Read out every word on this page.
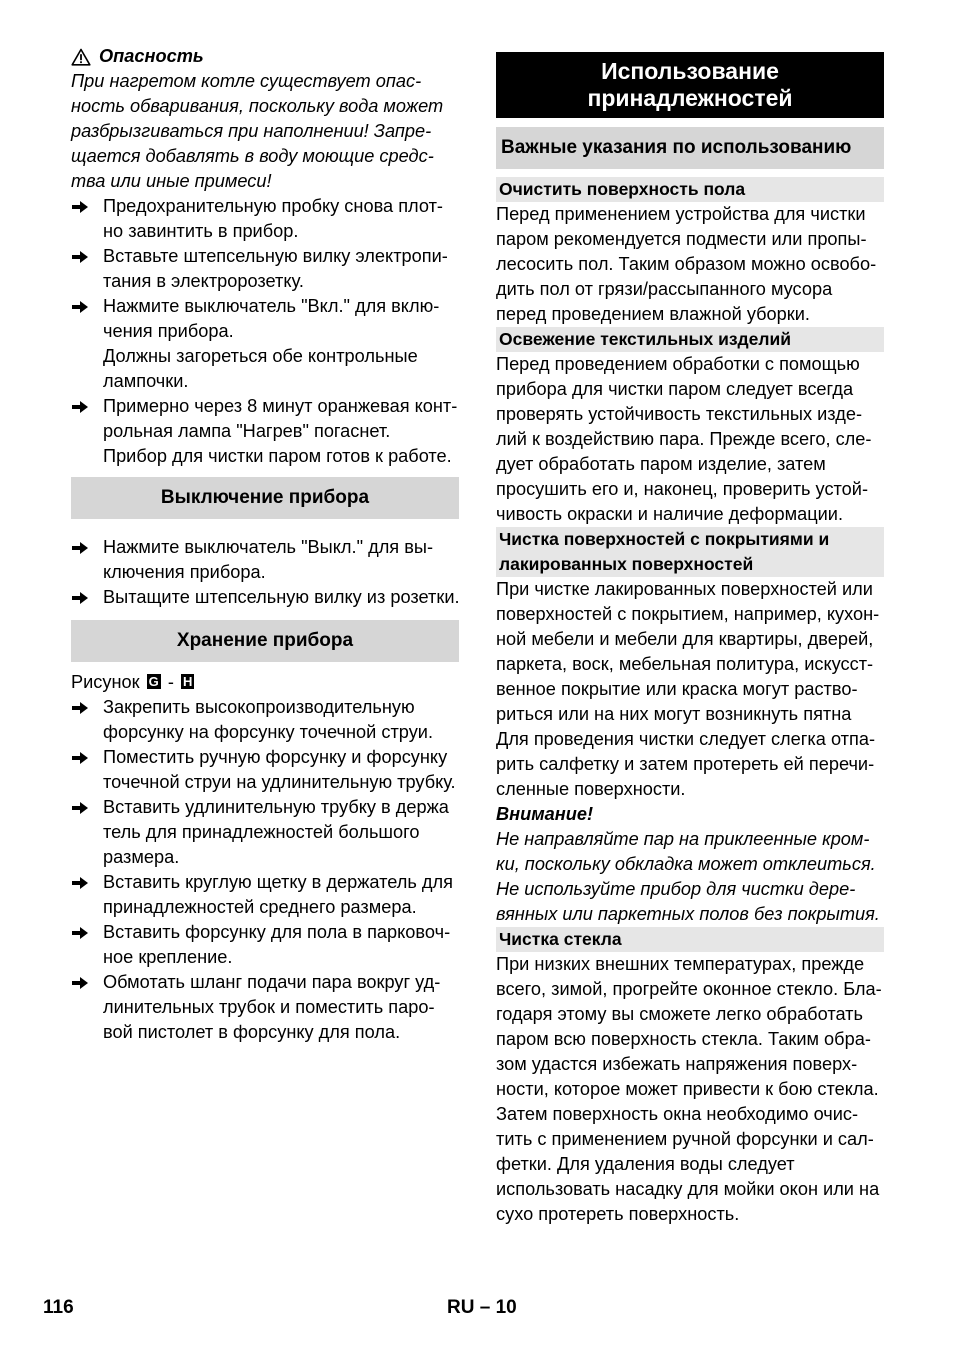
Опасность
При нагретом котле существует опас-
ность обваривания, поскольку вода может
разбрызгиваться при наполнении! Запре-
щается добавлять в воду моющие средс-
тва или иные примеси!
Предохранительную пробку снова плот-
но завинтить в прибор.
Вставьте штепсельную вилку электропи-
тания в электророзетку.
Нажмите выключатель "Вкл." для вклю-
чения прибора.
Должны загореться обе контрольные
лампочки.
Примерно через 8 минут оранжевая конт-
рольная лампа "Нагрев" погаснет.
Прибор для чистки паром готов к работе.
Выключение прибора
Нажмите выключатель "Выкл." для вы-
ключения прибора.
Вытащите штепсельную вилку из розетки.
Хранение прибора
Рисунок G - H
Закрепить высокопроизводительную
форсунку на форсунку точечной струи.
Поместить ручную форсунку и форсунку
точечной струи на удлинительную трубку.
Вставить удлинительную трубку в держа
тель для принадлежностей большого
размера.
Вставить круглую щетку в держатель для
принадлежностей среднего размера.
Вставить форсунку для пола в парковоч-
ное крепление.
Обмотать шланг подачи пара вокруг уд-
линительных трубок и поместить паро-
вой пистолет в форсунку для пола.
Использование
принадлежностей
Важные указания по использованию
Очистить поверхность пола
Перед применением устройства для чистки
паром рекомендуется подмести или пропы-
лесосить пол. Таким образом можно освобо-
дить пол от грязи/рассыпанного мусора
перед проведением влажной уборки.
Освежение текстильных изделий
Перед проведением обработки с помощью
прибора для чистки паром следует всегда
проверять устойчивость текстильных изде-
лий к воздействию пара. Прежде всего, сле-
дует обработать паром изделие, затем
просушить его и, наконец, проверить устой-
чивость окраски и наличие деформации.
Чистка поверхностей с покрытиями и
лакированных поверхностей
При чистке лакированных поверхностей или
поверхностей с покрытием, например, кухон-
ной мебели и мебели для квартиры, дверей,
паркета, воск, мебельная политура, искусст-
венное покрытие или краска могут раство-
риться или на них могут возникнуть пятна
Для проведения чистки следует слегка отпа-
рить салфетку и затем протереть ей перечи-
сленные поверхности.
Внимание!
Не направляйте пар на приклеенные кром-
ки, поскольку обкладка может отклеиться.
Не используйте прибор для чистки дере-
вянных или паркетных полов без покрытия.
Чистка стекла
При низких внешних температурах, прежде
всего, зимой, прогрейте оконное стекло. Бла-
годаря этому вы сможете легко обработать
паром всю поверхность стекла. Таким обра-
зом удастся избежать напряжения поверх-
ности, которое может привести к бою стекла.
Затем поверхность окна необходимо очис-
тить с применением ручной форсунки и сал-
фетки. Для удаления воды следует
использовать насадку для мойки окон или на
сухо протереть поверхность.
116	RU – 10
